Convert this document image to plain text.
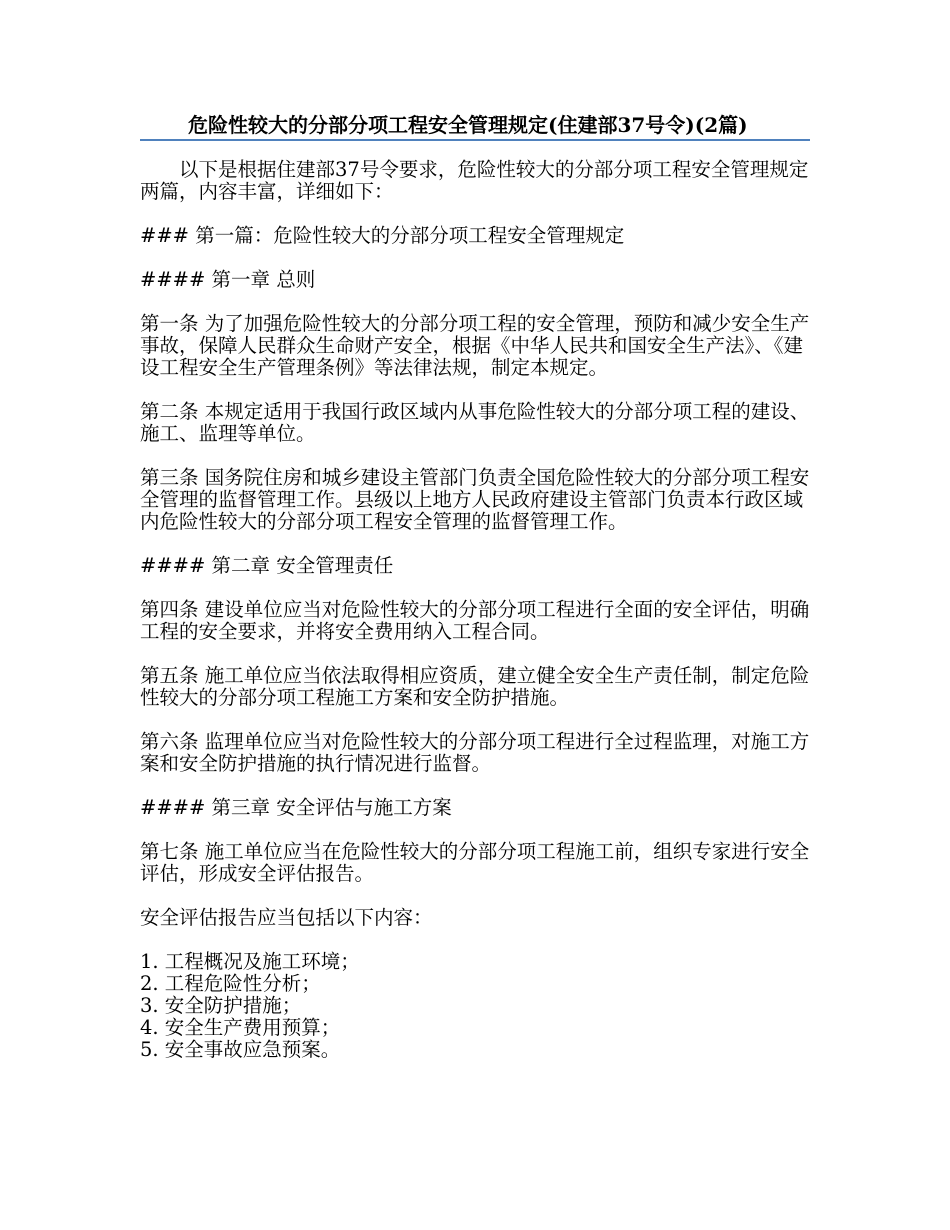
危险性较大的分部分项工程安全管理规定(住建部37号令)(2篇)

以下是根据住建部37号令要求，危险性较大的分部分项工程安全管理规定两篇，内容丰富，详细如下：

### 第一篇：危险性较大的分部分项工程安全管理规定

#### 第一章 总则

第一条 为了加强危险性较大的分部分项工程的安全管理，预防和减少安全生产事故，保障人民群众生命财产安全，根据《中华人民共和国安全生产法》、《建设工程安全生产管理条例》等法律法规，制定本规定。

第二条 本规定适用于我国行政区域内从事危险性较大的分部分项工程的建设、施工、监理等单位。

第三条 国务院住房和城乡建设主管部门负责全国危险性较大的分部分项工程安全管理的监督管理工作。县级以上地方人民政府建设主管部门负责本行政区域内危险性较大的分部分项工程安全管理的监督管理工作。

#### 第二章 安全管理责任

第四条 建设单位应当对危险性较大的分部分项工程进行全面的安全评估，明确工程的安全要求，并将安全费用纳入工程合同。

第五条 施工单位应当依法取得相应资质，建立健全安全生产责任制，制定危险性较大的分部分项工程施工方案和安全防护措施。

第六条 监理单位应当对危险性较大的分部分项工程进行全过程监理，对施工方案和安全防护措施的执行情况进行监督。

#### 第三章 安全评估与施工方案

第七条 施工单位应当在危险性较大的分部分项工程施工前，组织专家进行安全评估，形成安全评估报告。

安全评估报告应当包括以下内容：

1. 工程概况及施工环境；
2. 工程危险性分析；
3. 安全防护措施；
4. 安全生产费用预算；
5. 安全事故应急预案。
